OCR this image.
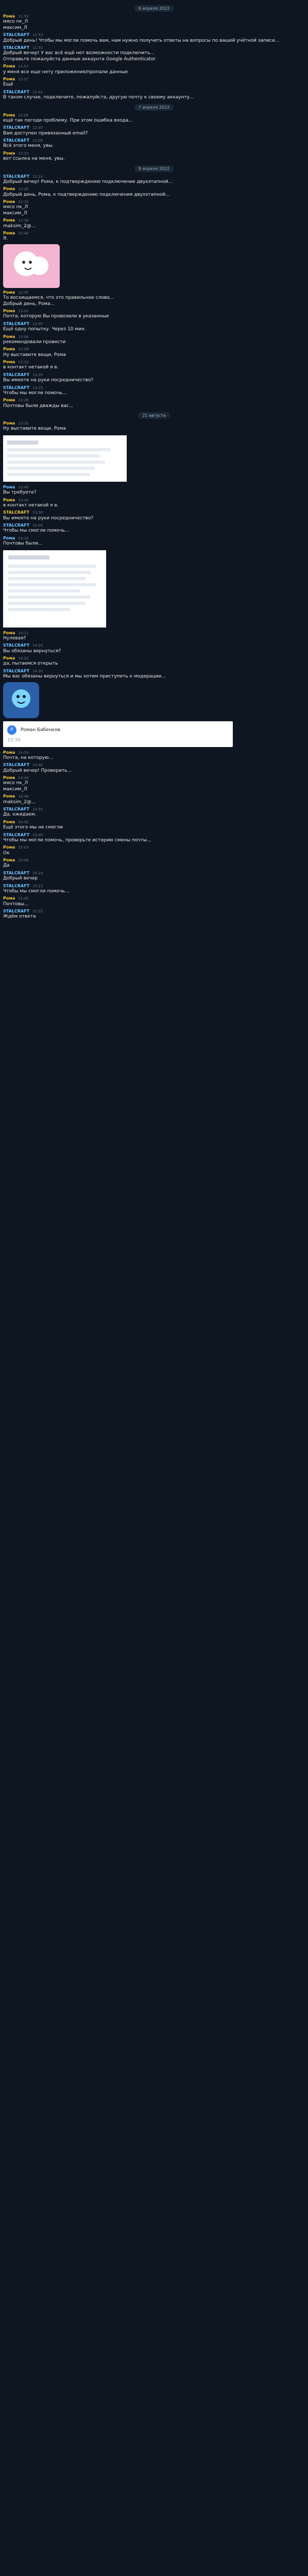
6 апреля 2022
Рома 11:53
мясо пк_Л
максим_Л
STALCRAFT 11:53
Добрый день! Чтобы мы могли помочь вам, нам нужно получить ответы на вопросы по вашей учётной записи...
STALCRAFT 11:55
Добрый вечер! У вас всё ещё нет возможности подключить...
Отправьте пожалуйста данные аккаунта Google Authenticator
Рома 11:57
у меня все еще нету приложения/пропали данные
Рома 11:57
Ещё
STALCRAFT 12:01
В таком случае, подключите, пожалуйста, другую почту к своему аккаунту...
7 апреля 2022
Рома 12:05
ещё так погоди проблему. При этом ошибка входа...
STALCRAFT 12:05
Вам доступен привязанный email?
STALCRAFT 12:08
Всё этого меня, увы.
Рома 12:10
вот ссылка на меня, увы.
8 апреля 2022
STALCRAFT 12:14
Добрый вечер! Рома, к подтверждению подключение двухэтапной...
Рома 12:20
Добрый день, Рома, к подтверждению подключения двухэтапной...
Рома 12:33
мясо пк_Л
максим_Л
Рома 12:34
maksim_2@...
Рома 12:44
Я.
Рома 12:55
То восхищаемся, что это правильное слово...
Добрый день, Рома...
Рома 13:02
Почта, которую Вы провозили в указанные
STALCRAFT 13:05
Ещё одну попытку. Через 10 мин.
Рома 13:08
рекомендовали провести
Рома 13:09
Ну выставите вещи, Рома
Рома 13:10
в контакт нетакой я в.
STALCRAFT 13:20
Вы имеете на руки посредничество?
STALCRAFT 13:25
Чтобы мы могли помочь...
Рома 13:28
Почтовы были дважды вас...
21 августа
Рома 13:33
Ну выставите вещи, Рома
Рома 13:40
Вы требуете?
Рома 13:42
в контакт нетакой я в.
STALCRAFT 13:50
Вы имеете на руки посредничество?
STALCRAFT 14:05
Чтобы мы смогли помочь...
Рома 14:10
Почтовы были...
Рома 14:11
Нулевая?
STALCRAFT 14:20
Вы обязаны вернуться?
Рома 14:22
да, пытаемся открыть
STALCRAFT 14:30
Мы вас обязаны вернуться и мы хотим приступить к модерации...
Р	Роман Бабенков
15:30
Рома 14:33
Почта, на которую...
STALCRAFT 14:40
Добрый вечер! Проверить...
Рома 14:44
мясо пк_Л
максим_Л
Рома 14:46
maksim_2@...
STALCRAFT 14:50
Да, ожидаем.
Рома 14:55
Ещё этого мы не смогли
STALCRAFT 15:00
Чтобы мы могли помочь, проверьте историю смены почты...
Рома 15:03
Ок
Рома 15:04
Да
STALCRAFT 15:10
Добрый вечер
STALCRAFT 15:12
Чтобы мы смогли помочь...
Рома 15:20
Почтовы...
STALCRAFT 15:25
Ждём ответа
